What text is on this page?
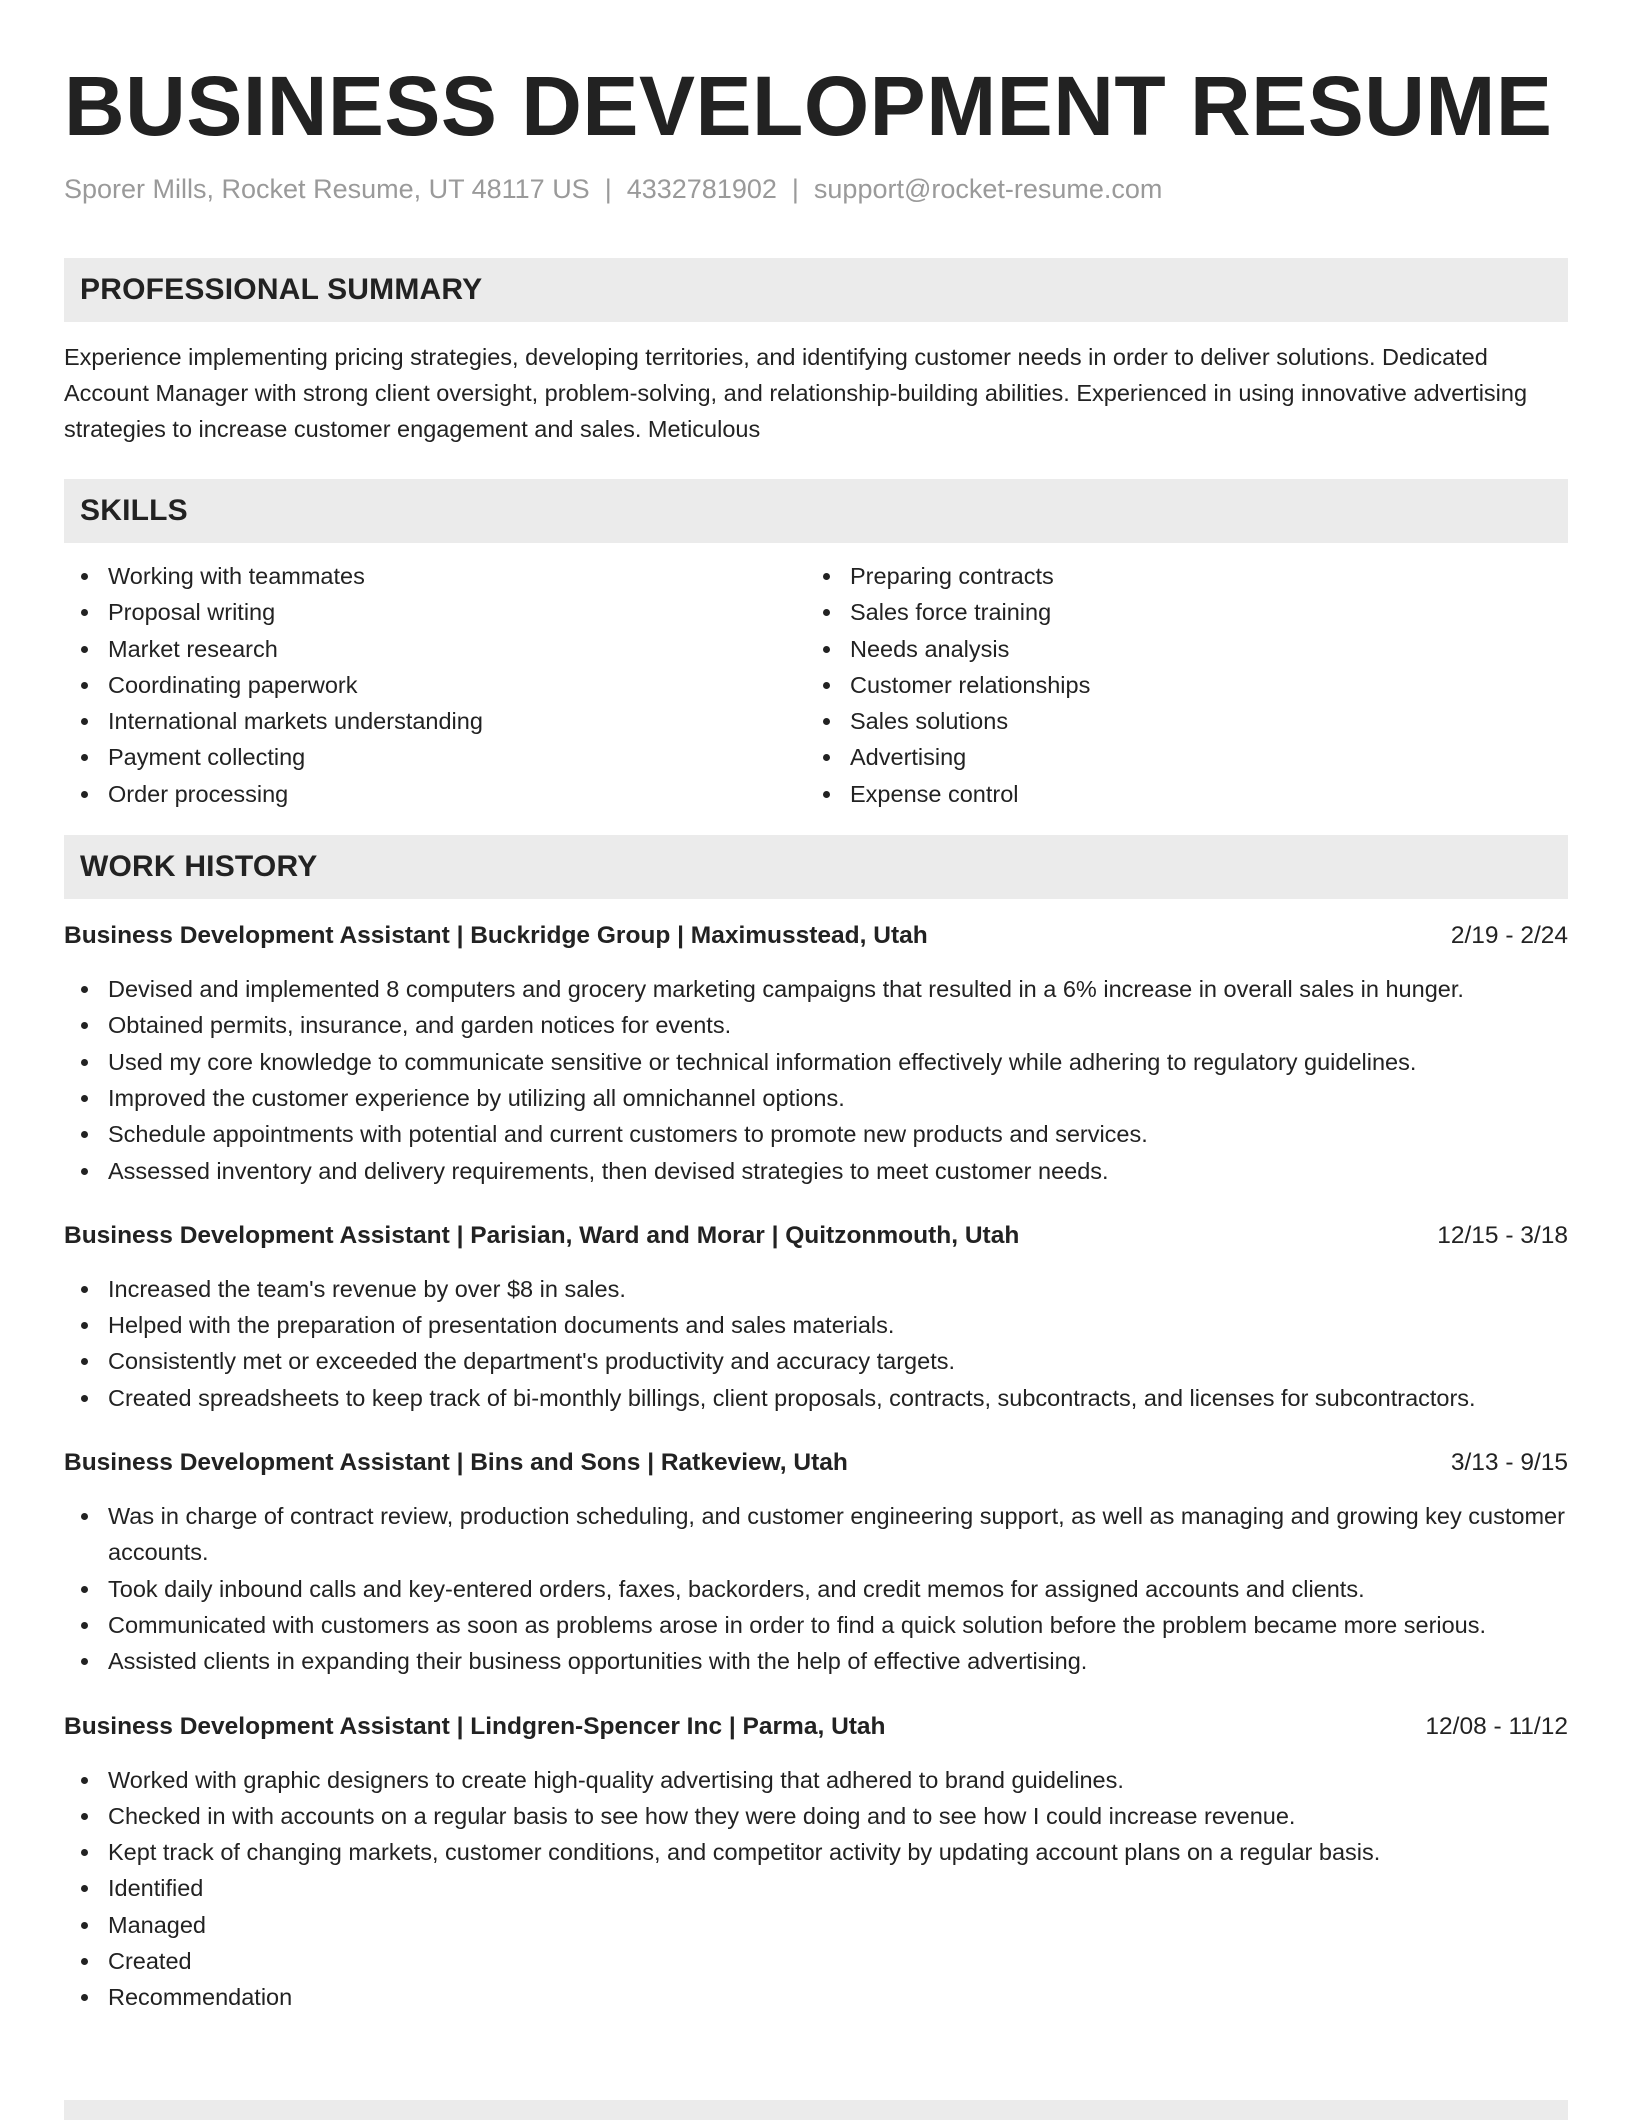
BUSINESS DEVELOPMENT RESUME
Sporer Mills, Rocket Resume, UT 48117 US | 4332781902 | support@rocket-resume.com
PROFESSIONAL SUMMARY

Experience implementing pricing strategies, developing territories, and identifying customer needs in order to deliver solutions. Dedicated Account Manager with strong client oversight, problem-solving, and relationship-building abilities. Experienced in using innovative advertising strategies to increase customer engagement and sales. Meticulous

SKILLS
Working with teammates
Proposal writing
Market research
Coordinating paperwork
International markets understanding
Payment collecting
Order processing
Preparing contracts
Sales force training
Needs analysis
Customer relationships
Sales solutions
Advertising
Expense control
WORK HISTORY
Business Development Assistant | Buckridge Group | Maximusstead, Utah	2/19 - 2/24
Devised and implemented 8 computers and grocery marketing campaigns that resulted in a 6% increase in overall sales in hunger.
Obtained permits, insurance, and garden notices for events.
Used my core knowledge to communicate sensitive or technical information effectively while adhering to regulatory guidelines.
Improved the customer experience by utilizing all omnichannel options.
Schedule appointments with potential and current customers to promote new products and services.
Assessed inventory and delivery requirements, then devised strategies to meet customer needs.
Business Development Assistant | Parisian, Ward and Morar | Quitzonmouth, Utah	12/15 - 3/18
Increased the team's revenue by over $8 in sales.
Helped with the preparation of presentation documents and sales materials.
Consistently met or exceeded the department's productivity and accuracy targets.
Created spreadsheets to keep track of bi-monthly billings, client proposals, contracts, subcontracts, and licenses for subcontractors.
Business Development Assistant | Bins and Sons | Ratkeview, Utah	3/13 - 9/15
Was in charge of contract review, production scheduling, and customer engineering support, as well as managing and growing key customer accounts.
Took daily inbound calls and key-entered orders, faxes, backorders, and credit memos for assigned accounts and clients.
Communicated with customers as soon as problems arose in order to find a quick solution before the problem became more serious.
Assisted clients in expanding their business opportunities with the help of effective advertising.
Business Development Assistant | Lindgren-Spencer Inc | Parma, Utah	12/08 - 11/12
Worked with graphic designers to create high-quality advertising that adhered to brand guidelines.
Checked in with accounts on a regular basis to see how they were doing and to see how I could increase revenue.
Kept track of changing markets, customer conditions, and competitor activity by updating account plans on a regular basis.
Identified
Managed
Created
Recommendation
